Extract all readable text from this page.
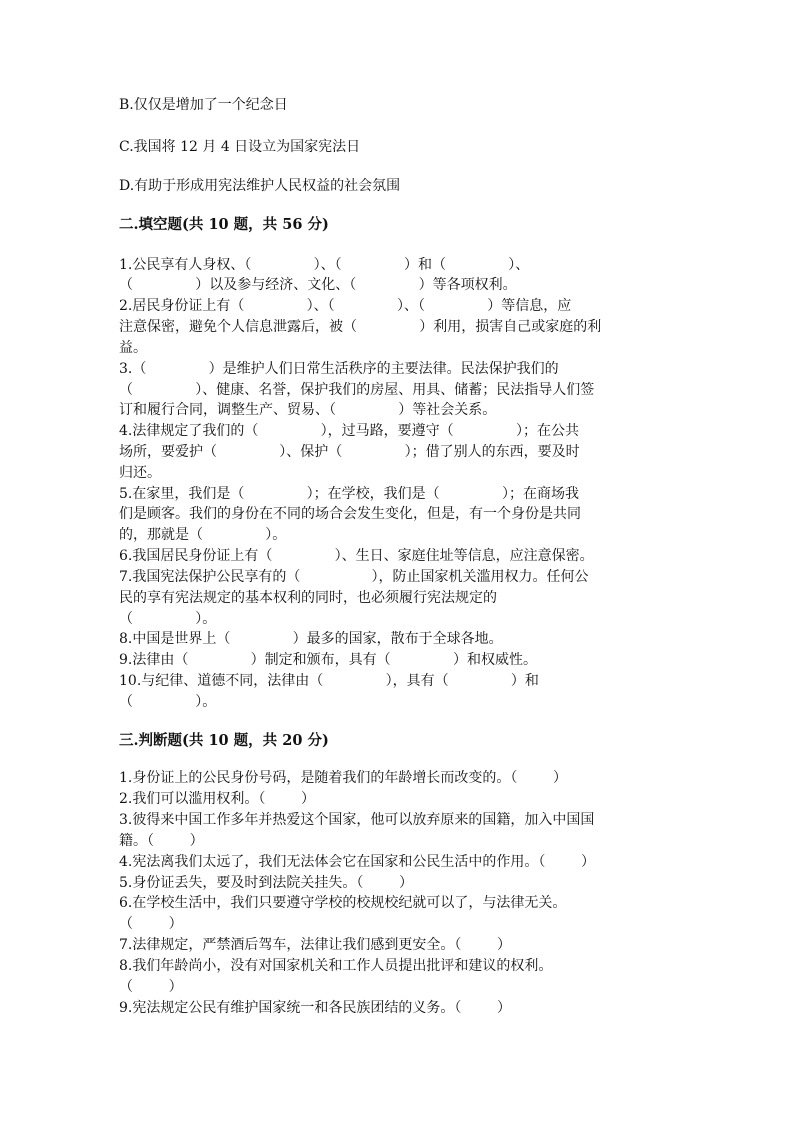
B.仅仅是增加了一个纪念日
C.我国将 12 月 4 日设立为国家宪法日
D.有助于形成用宪法维护人民权益的社会氛围
二.填空题(共 10 题，共 56 分)
1.公民享有人身权、（              ）、（              ）和（              ）、
（              ）以及参与经济、文化、（              ）等各项权利。
2.居民身份证上有（              ）、（              ）、（              ）等信息，应
注意保密，避免个人信息泄露后，被（              ）利用，损害自己或家庭的利
益。
3.（              ）是维护人们日常生活秩序的主要法律。民法保护我们的
（              ）、健康、名誉，保护我们的房屋、用具、储蓄；民法指导人们签
订和履行合同，调整生产、贸易、（              ）等社会关系。
4.法律规定了我们的（              ），过马路，要遵守（              ）；在公共
场所，要爱护（              ）、保护（              ）；借了别人的东西，要及时
归还。
5.在家里，我们是（              ）；在学校，我们是（              ）；在商场我
们是顾客。我们的身份在不同的场合会发生变化，但是，有一个身份是共同
的，那就是（              ）。
6.我国居民身份证上有（              ）、生日、家庭住址等信息，应注意保密。
7.我国宪法保护公民享有的（                ），防止国家机关滥用权力。任何公
民的享有宪法规定的基本权利的同时，也必须履行宪法规定的
（              ）。
8.中国是世界上（              ）最多的国家，散布于全球各地。
9.法律由（              ）制定和颁布，具有（              ）和权威性。
10.与纪律、道德不同，法律由（              ），具有（              ）和
（              ）。
三.判断题(共 10 题，共 20 分)
1.身份证上的公民身份号码，是随着我们的年龄增长而改变的。（        ）
2.我们可以滥用权利。（        ）
3.彼得来中国工作多年并热爱这个国家，他可以放弃原来的国籍，加入中国国
籍。（        ）
4.宪法离我们太远了，我们无法体会它在国家和公民生活中的作用。（        ）
5.身份证丢失，要及时到法院关挂失。（        ）
6.在学校生活中，我们只要遵守学校的校规校纪就可以了，与法律无关。
（        ）
7.法律规定，严禁酒后驾车，法律让我们感到更安全。（        ）
8.我们年龄尚小，没有对国家机关和工作人员提出批评和建议的权利。
（        ）
9.宪法规定公民有维护国家统一和各民族团结的义务。（        ）
